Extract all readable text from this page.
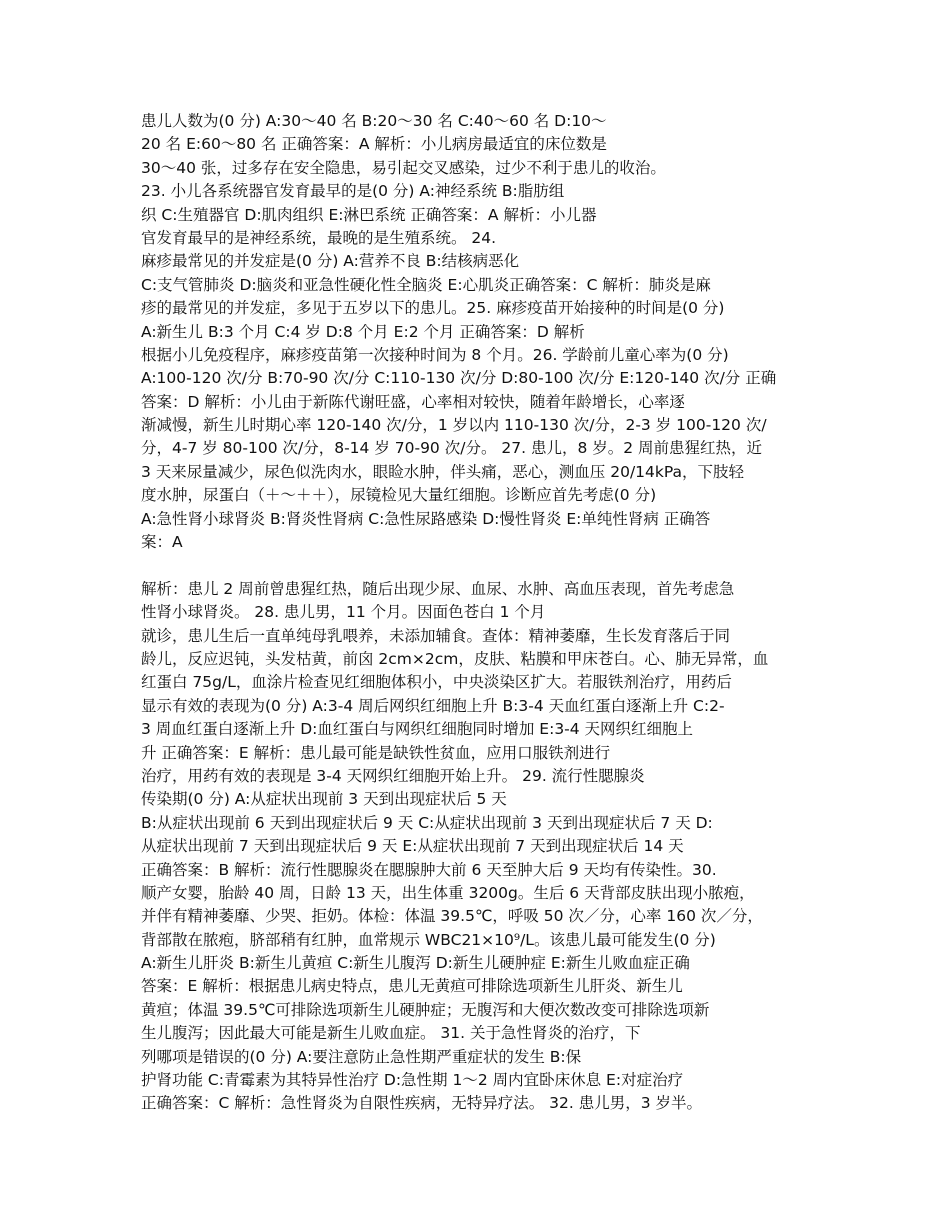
患儿人数为(0 分) A:30～40 名 B:20～30 名 C:40～60 名 D:10～
20 名 E:60～80 名 正确答案：A 解析：小儿病房最适宜的床位数是
30～40 张，过多存在安全隐患，易引起交叉感染，过少不利于患儿的收治。
23. 小儿各系统器官发育最早的是(0 分) A:神经系统 B:脂肪组
织 C:生殖器官 D:肌肉组织 E:淋巴系统 正确答案：A 解析：小儿器
官发育最早的是神经系统，最晚的是生殖系统。 24.
麻疹最常见的并发症是(0 分) A:营养不良 B:结核病恶化
C:支气管肺炎 D:脑炎和亚急性硬化性全脑炎 E:心肌炎正确答案：C 解析：肺炎是麻
疹的最常见的并发症，多见于五岁以下的患儿。25. 麻疹疫苗开始接种的时间是(0 分)
A:新生儿 B:3 个月 C:4 岁 D:8 个月 E:2 个月 正确答案：D 解析
根据小儿免疫程序，麻疹疫苗第一次接种时间为 8 个月。26. 学龄前儿童心率为(0 分)
A:100-120 次/分 B:70-90 次/分 C:110-130 次/分 D:80-100 次/分 E:120-140 次/分 正确
答案：D 解析：小儿由于新陈代谢旺盛，心率相对较快，随着年龄增长，心率逐
渐减慢，新生儿时期心率 120-140 次/分，1 岁以内 110-130 次/分，2-3 岁 100-120 次/
分，4-7 岁 80-100 次/分，8-14 岁 70-90 次/分。 27. 患儿，8 岁。2 周前患猩红热，近
3 天来尿量减少，尿色似洗肉水，眼睑水肿，伴头痛，恶心，测血压 20/14kPa，下肢轻
度水肿，尿蛋白（＋～＋＋），尿镜检见大量红细胞。诊断应首先考虑(0 分)
A:急性肾小球肾炎 B:肾炎性肾病 C:急性尿路感染 D:慢性肾炎 E:单纯性肾病 正确答
案：A
解析：患儿 2 周前曾患猩红热，随后出现少尿、血尿、水肿、高血压表现，首先考虑急
性肾小球肾炎。 28. 患儿男，11 个月。因面色苍白 1 个月
就诊，患儿生后一直单纯母乳喂养，未添加辅食。查体：精神萎靡，生长发育落后于同
龄儿，反应迟钝，头发枯黄，前囟 2cm×2cm，皮肤、粘膜和甲床苍白。心、肺无异常，血
红蛋白 75g/L，血涂片检查见红细胞体积小，中央淡染区扩大。若服铁剂治疗，用药后
显示有效的表现为(0 分) A:3-4 周后网织红细胞上升 B:3-4 天血红蛋白逐渐上升 C:2-
3 周血红蛋白逐渐上升 D:血红蛋白与网织红细胞同时增加 E:3-4 天网织红细胞上
升 正确答案：E 解析：患儿最可能是缺铁性贫血，应用口服铁剂进行
治疗，用药有效的表现是 3-4 天网织红细胞开始上升。 29. 流行性腮腺炎
传染期(0 分) A:从症状出现前 3 天到出现症状后 5 天
B:从症状出现前 6 天到出现症状后 9 天 C:从症状出现前 3 天到出现症状后 7 天 D:
从症状出现前 7 天到出现症状后 9 天 E:从症状出现前 7 天到出现症状后 14 天
正确答案：B 解析：流行性腮腺炎在腮腺肿大前 6 天至肿大后 9 天均有传染性。30.
顺产女婴，胎龄 40 周，日龄 13 天，出生体重 3200g。生后 6 天背部皮肤出现小脓疱，
并伴有精神萎靡、少哭、拒奶。体检：体温 39.5℃，呼吸 50 次／分，心率 160 次／分，
背部散在脓疱，脐部稍有红肿，血常规示 WBC21×10⁹/L。该患儿最可能发生(0 分)
A:新生儿肝炎 B:新生儿黄疸 C:新生儿腹泻 D:新生儿硬肿症 E:新生儿败血症正确
答案：E 解析：根据患儿病史特点，患儿无黄疸可排除选项新生儿肝炎、新生儿
黄疸；体温 39.5℃可排除选项新生儿硬肿症；无腹泻和大便次数改变可排除选项新
生儿腹泻；因此最大可能是新生儿败血症。 31. 关于急性肾炎的治疗，下
列哪项是错误的(0 分) A:要注意防止急性期严重症状的发生 B:保
护肾功能 C:青霉素为其特异性治疗 D:急性期 1～2 周内宜卧床休息 E:对症治疗
正确答案：C 解析：急性肾炎为自限性疾病，无特异疗法。 32. 患儿男，3 岁半。
